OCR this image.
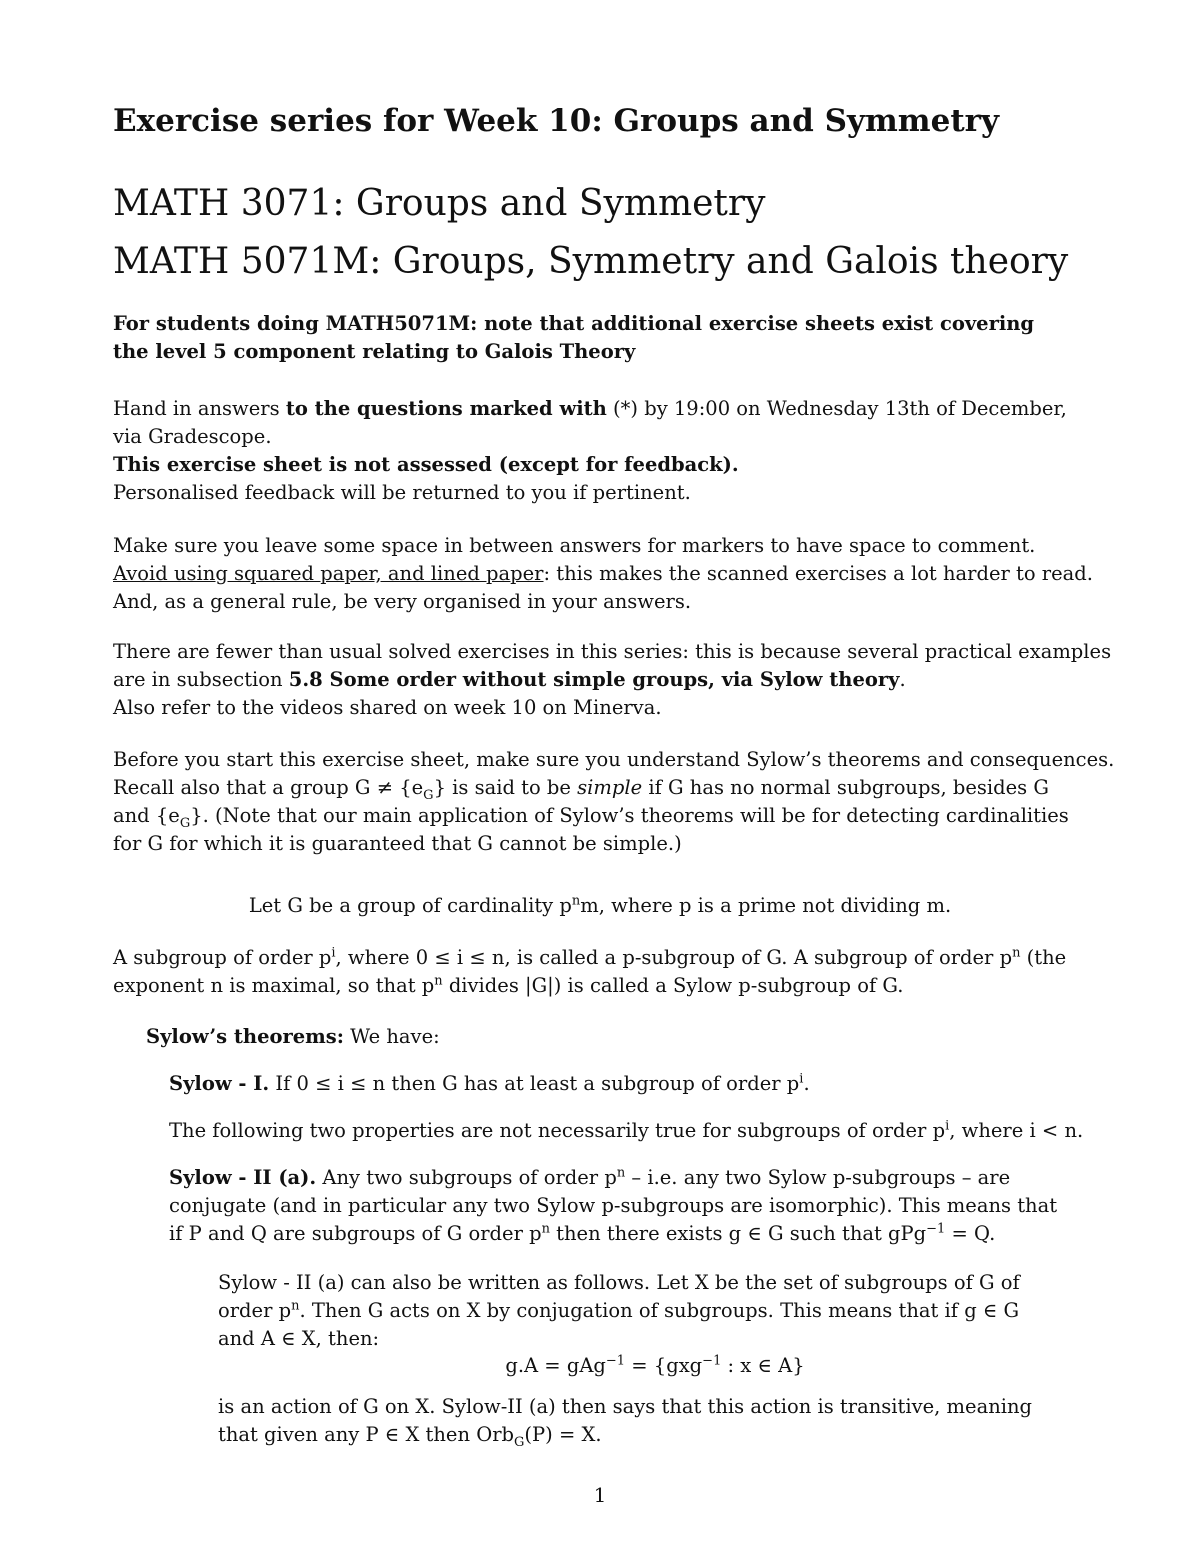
Exercise series for Week 10: Groups and Symmetry
MATH 3071: Groups and Symmetry
MATH 5071M: Groups, Symmetry and Galois theory
For students doing MATH5071M: note that additional exercise sheets exist covering
the level 5 component relating to Galois Theory
Hand in answers to the questions marked with (*) by 19:00 on Wednesday 13th of December,
via Gradescope.
This exercise sheet is not assessed (except for feedback).
Personalised feedback will be returned to you if pertinent.
Make sure you leave some space in between answers for markers to have space to comment.
Avoid using squared paper, and lined paper: this makes the scanned exercises a lot harder to read.
And, as a general rule, be very organised in your answers.
There are fewer than usual solved exercises in this series: this is because several practical examples
are in subsection 5.8 Some order without simple groups, via Sylow theory.
Also refer to the videos shared on week 10 on Minerva.
Before you start this exercise sheet, make sure you understand Sylow’s theorems and consequences.
Recall also that a group $G \ne \{e_G\}$ is said to be simple if G has no normal subgroups, besides G
and $\{e_G\}$. (Note that our main application of Sylow’s theorems will be for detecting cardinalities
for G for which it is guaranteed that G cannot be simple.)
Let G be a group of cardinality $p^nm$, where p is a prime not dividing m.
A subgroup of order $p^i$, where 0 ≤ i ≤ n, is called a p-subgroup of G. A subgroup of order $p^n$ (the
exponent n is maximal, so that $p^n$ divides |G|) is called a Sylow p-subgroup of G.
Sylow’s theorems: We have:
Sylow - I. If 0 ≤ i ≤ n then G has at least a subgroup of order $p^i$.
The following two properties are not necessarily true for subgroups of order $p^i$, where i < n.
Sylow - II (a). Any two subgroups of order $p^n - i.e$. any two Sylow p-subgroups – are
conjugate (and in particular any two Sylow p-subgroups are isomorphic). This means that
if P and Q are subgroups of G order $p^n$ then there exists g ∈ G such that gPg$^{-1}$ = Q.
Sylow - II (a) can also be written as follows. Let X be the set of subgroups of G of
order $p^n$. Then G acts on X by conjugation of subgroups. This means that if g ∈ G
and A ∈ X, then:
g.A = gAg$^{-1}$ = {gxg$^{-1}$ : x ∈ A}
is an action of G on X. Sylow-II (a) then says that this action is transitive, meaning
that given any P ∈ X then Orb$_G$(P) = X.
1
